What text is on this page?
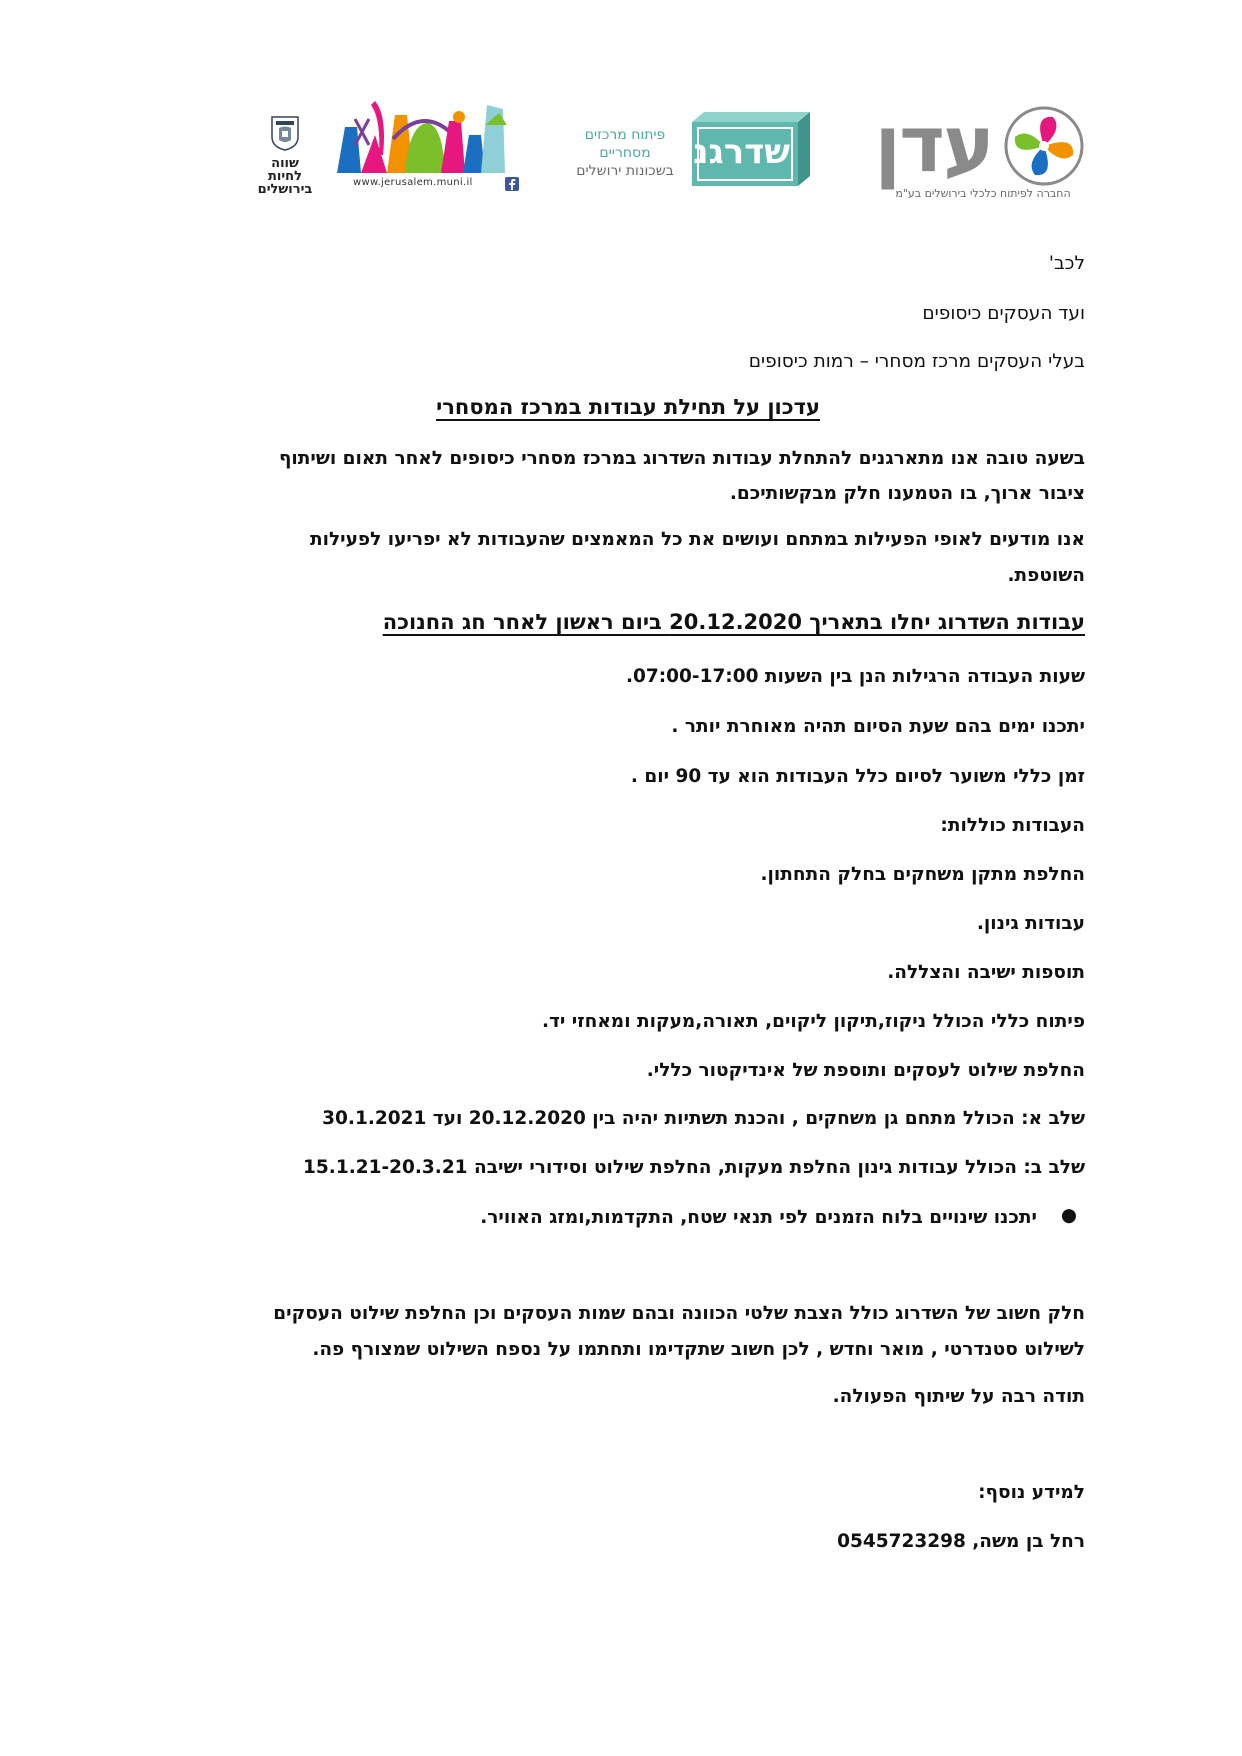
שווה לחיות
בירושלים	www.jerusalem.muni.il
פיתוח מרכזים
מסחריים
בשכונות ירושלים שדרגנו עדן
החברה לפיתוח כלכלי בירושלים בע"מ
לכב'
ועד העסקים כיסופים
בעלי העסקים מרכז מסחרי – רמות כיסופים
עדכון על תחילת עבודות במרכז המסחרי
בשעה טובה אנו מתארגנים להתחלת עבודות השדרוג במרכז מסחרי כיסופים לאחר תאום ושיתוף
ציבור ארוך, בו הטמענו חלק מבקשותיכם.
אנו מודעים לאופי הפעילות במתחם ועושים את כל המאמצים שהעבודות לא יפריעו לפעילות
השוטפת.
עבודות השדרוג יחלו בתאריך 20.12.2020 ביום ראשון לאחר חג החנוכה
שעות העבודה הרגילות הנן בין השעות 07:00-17:00.
יתכנו ימים בהם שעת הסיום תהיה מאוחרת יותר .
זמן כללי משוער לסיום כלל העבודות הוא עד 90 יום .
העבודות כוללות:
החלפת מתקן משחקים בחלק התחתון.
עבודות גינון.
תוספות ישיבה והצללה.
פיתוח כללי הכולל ניקוז,תיקון ליקוים, תאורה,מעקות ומאחזי יד.
החלפת שילוט לעסקים ותוספת של אינדיקטור כללי.
שלב א: הכולל מתחם גן משחקים , והכנת תשתיות יהיה בין 20.12.2020 ועד 30.1.2021
שלב ב: הכולל עבודות גינון החלפת מעקות, החלפת שילוט וסידורי ישיבה 15.1.21-20.3.21
יתכנו שינויים בלוח הזמנים לפי תנאי שטח, התקדמות,ומזג האוויר. ●
חלק חשוב של השדרוג כולל הצבת שלטי הכוונה ובהם שמות העסקים וכן החלפת שילוט העסקים
לשילוט סטנדרטי , מואר וחדש , לכן חשוב שתקדימו ותחתמו על נספח השילוט שמצורף פה.
תודה רבה על שיתוף הפעולה.
למידע נוסף:
רחל בן משה, 0545723298
